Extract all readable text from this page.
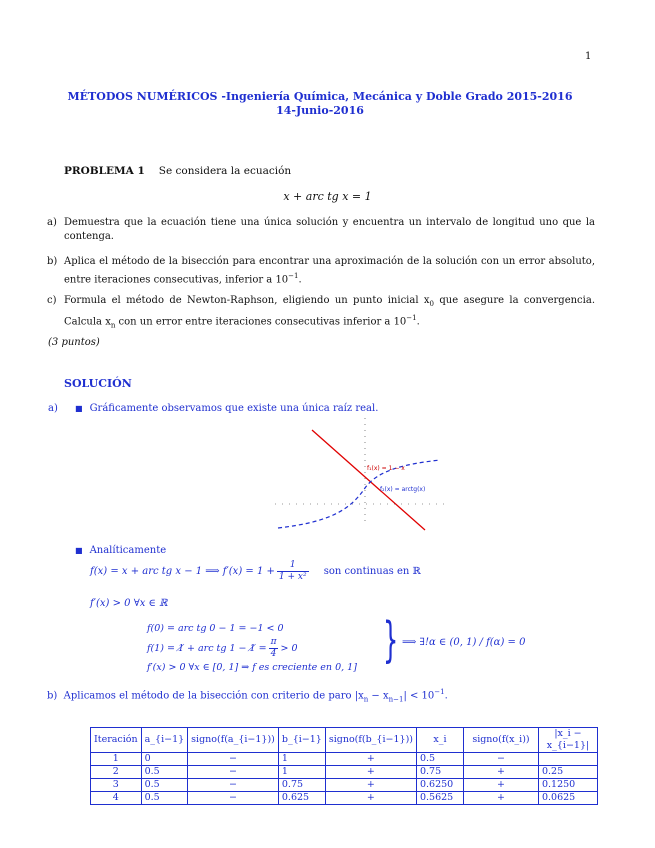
1
MÉTODOS NUMÉRICOS -Ingeniería Química, Mecánica y Doble Grado 2015-2016
14-Junio-2016
PROBLEMA 1 Se considera la ecuación
x + arc tg x = 1
a) Demuestra que la ecuación tiene una única solución y encuentra un intervalo de longitud uno que la contenga.
b) Aplica el método de la bisección para encontrar una aproximación de la solución con un error absoluto, entre iteraciones consecutivas, inferior a $10^{-1}$.
c) Formula el método de Newton-Raphson, eligiendo un punto inicial $x_0$ que asegure la convergencia. Calcula $x_n$ con un error entre iteraciones consecutivas inferior a $10^{-1}$.
(3 puntos)
SOLUCIÓN
a) ■ Gráficamente observamos que existe una única raíz real.
f₁(x) = 1 − x
f₂(x) = arctg(x)
■ Analíticamente
f(x) = x + arc tg x − 1 ⟹ $f'(x) = 1 + \frac{1}{\text{1 + x²}}$ son continuas en ℝ
f′(x) > 0 ∀x ∈ ℝ
f(0) = arc tg 0 − 1 = −1 < 0
f(1) = 1̸ + arc tg 1 − 1̸ = $\frac{\pi}{4} > 0$
f′(x) > 0 ∀x ∈ [0, 1] ⇒ f es creciente en 0, 1] } ⟹ ∃!α ∈ (0, 1) / f(α) = 0
b) Aplicamos el método de la bisección con criterio de paro $|x_n - x_{n-1}| < 10^{-1}$.
Iteración	a_{i−1}	signo(f(a_{i−1}))	b_{i−1}	signo(f(b_{i−1}))	x_i	signo(f(x_i))	|x_i − x_{i−1}|
1	0	−	1	+	0.5	−	
2	0.5	−	1	+	0.75	+	0.25
3	0.5	−	0.75	+	0.6250	+	0.1250
4	0.5	−	0.625	+	0.5625	+	0.0625
